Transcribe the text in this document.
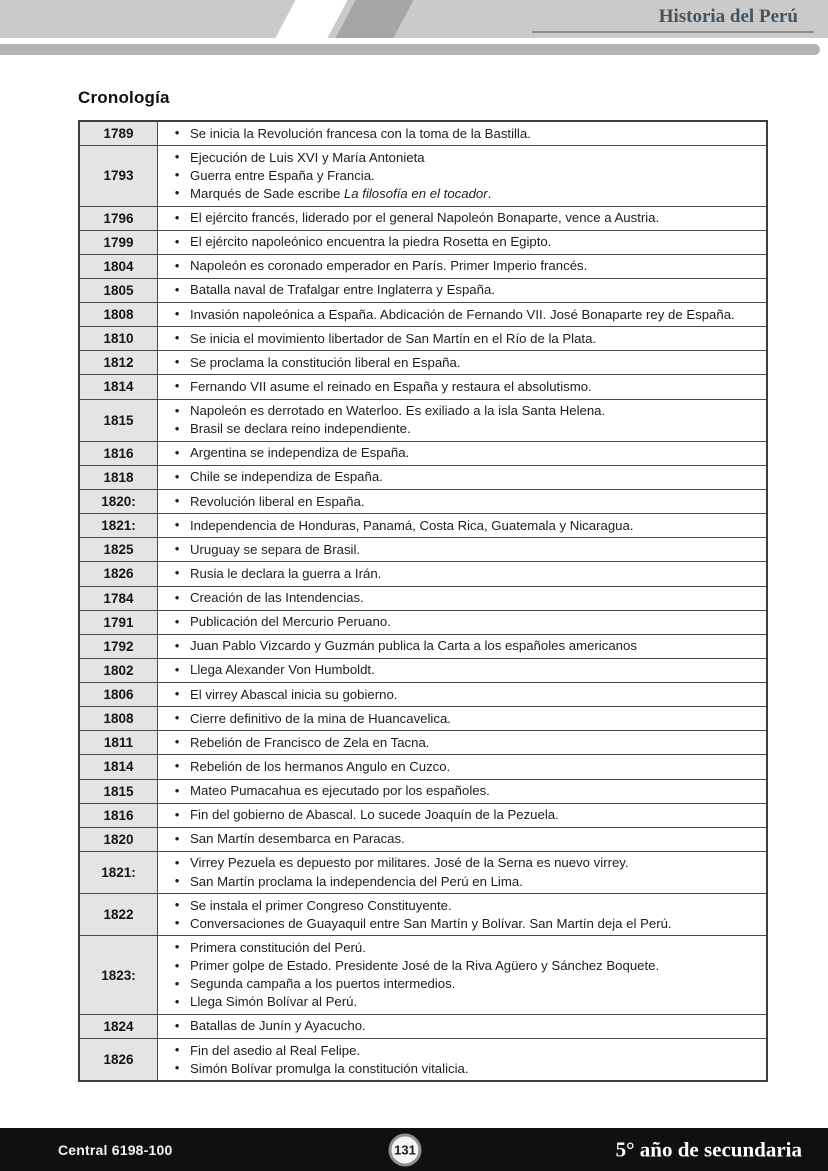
Historia del Perú
Cronología
1789	• Se inicia la Revolución francesa con la toma de la Bastilla.
1793
• Ejecución de Luis XVI y María Antonieta
• Guerra entre España y Francia.
• Marqués de Sade escribe La filosofía en el tocador.
1796	• El ejército francés, liderado por el general Napoleón Bonaparte, vence a Austria.
1799	• El ejército napoleónico encuentra la piedra Rosetta en Egipto.
1804	• Napoleón es coronado emperador en París. Primer Imperio francés.
1805	• Batalla naval de Trafalgar entre Inglaterra y España.
1808	• Invasión napoleónica a España. Abdicación de Fernando VII. José Bonaparte rey de España.
1810	• Se inicia el movimiento libertador de San Martín en el Río de la Plata.
1812	• Se proclama la constitución liberal en España.
1814	• Fernando VII asume el reinado en España y restaura el absolutismo.
1815
• Napoleón es derrotado en Waterloo. Es exiliado a la isla Santa Helena.
• Brasil se declara reino independiente.
1816	• Argentina se independiza de España.
1818	• Chile se independiza de España.
1820:	• Revolución liberal en España.
1821:	• Independencia de Honduras, Panamá, Costa Rica, Guatemala y Nicaragua.
1825	• Uruguay se separa de Brasil.
1826	• Rusia le declara la guerra a Irán.
1784	• Creación de las Intendencias.
1791	• Publicación del Mercurio Peruano.
1792	• Juan Pablo Vizcardo y Guzmán publica la Carta a los españoles americanos
1802	• Llega Alexander Von Humboldt.
1806	• El virrey Abascal inicia su gobierno.
1808	• Cierre definitivo de la mina de Huancavelica.
1811	• Rebelión de Francisco de Zela en Tacna.
1814	• Rebelión de los hermanos Angulo en Cuzco.
1815	• Mateo Pumacahua es ejecutado por los españoles.
1816	• Fin del gobierno de Abascal. Lo sucede Joaquín de la Pezuela.
1820	• San Martín desembarca en Paracas.
1821:
• Virrey Pezuela es depuesto por militares. José de la Serna es nuevo virrey.
• San Martín proclama la independencia del Perú en Lima.
1822
• Se instala el primer Congreso Constituyente.
• Conversaciones de Guayaquil entre San Martín y Bolívar. San Martín deja el Perú.
1823:
• Primera constitución del Perú.
• Primer golpe de Estado. Presidente José de la Riva Agüero y Sánchez Boquete.
• Segunda campaña a los puertos intermedios.
• Llega Simón Bolívar al Perú.
1824	• Batallas de Junín y Ayacucho.
1826
• Fin del asedio al Real Felipe.
• Simón Bolívar promulga la constitución vitalicia.
Central 6198-100	131	5° año de secundaria
